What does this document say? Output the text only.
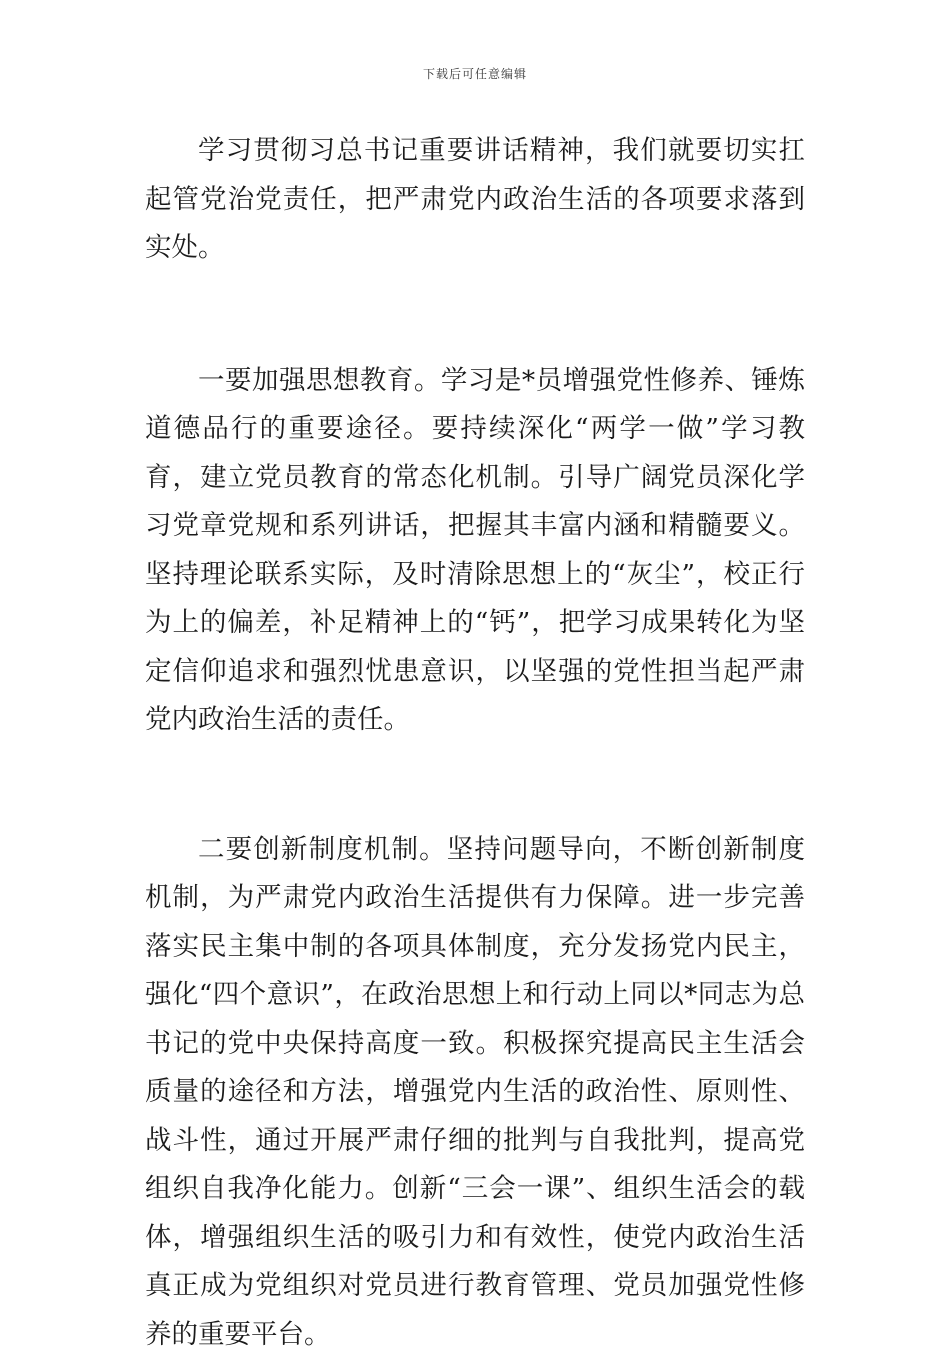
下载后可任意编辑

学习贯彻习总书记重要讲话精神，我们就要切实扛起管党治党责任，把严肃党内政治生活的各项要求落到实处。

一要加强思想教育。学习是*员增强党性修养、锤炼道德品行的重要途径。要持续深化“两学一做”学习教育，建立党员教育的常态化机制。引导广阔党员深化学习党章党规和系列讲话，把握其丰富内涵和精髓要义。坚持理论联系实际，及时清除思想上的“灰尘”，校正行为上的偏差，补足精神上的“钙”，把学习成果转化为坚定信仰追求和强烈忧患意识，以坚强的党性担当起严肃党内政治生活的责任。

二要创新制度机制。坚持问题导向，不断创新制度机制，为严肃党内政治生活提供有力保障。进一步完善落实民主集中制的各项具体制度，充分发扬党内民主，强化“四个意识”，在政治思想上和行动上同以*同志为总书记的党中央保持高度一致。积极探究提高民主生活会质量的途径和方法，增强党内生活的政治性、原则性、战斗性，通过开展严肃仔细的批判与自我批判，提高党组织自我净化能力。创新“三会一课”、组织生活会的载体，增强组织生活的吸引力和有效性，使党内政治生活真正成为党组织对党员进行教育管理、党员加强党性修养的重要平台。
